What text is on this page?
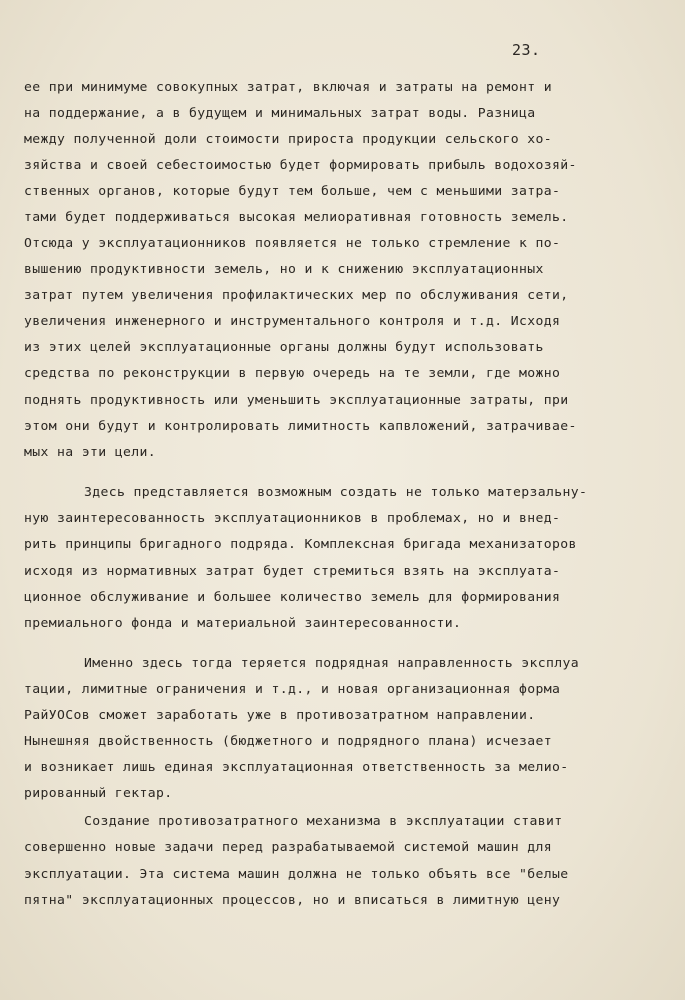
23.
ее при минимуме совокупных затрат, включая и затраты на ремонт и
на поддержание, а в будущем и минимальных затрат воды. Разница
между полученной доли стоимости прироста продукции сельского хо-
зяйства и своей себестоимостью будет формировать прибыль водохозяй-
ственных органов, которые будут тем больше, чем с меньшими затра-
тами будет поддерживаться высокая мелиоративная готовность земель.
Отсюда у эксплуатационников появляется не только стремление к по-
вышению продуктивности земель, но и к снижению эксплуатационных
затрат путем увеличения профилактических мер по обслуживания сети,
увеличения инженерного и инструментального контроля и т.д. Исходя
из этих целей эксплуатационные органы должны будут использовать
средства по реконструкции в первую очередь на те земли, где можно
поднять продуктивность или уменьшить эксплуатационные затраты, при
этом они будут и контролировать лимитность капвложений, затрачивае-
мых на эти цели.
Здесь представляется возможным создать не только матерзальну-
ную заинтересованность эксплуатационников в проблемах, но и внед-
рить принципы бригадного подряда. Комплексная бригада механизаторов
исходя из нормативных затрат будет стремиться взять на эксплуата-
ционное обслуживание и большее количество земель для формирования
премиального фонда и материальной заинтересованности.
Именно здесь тогда теряется подрядная направленность эксплуа
тации, лимитные ограничения и т.д., и новая организационная форма
РайУОСов сможет заработать уже в противозатратном направлении.
Нынешняя двойственность (бюджетного и подрядного плана) исчезает
и возникает лишь единая эксплуатационная ответственность за мелио-
рированный гектар.
Создание противозатратного механизма в эксплуатации ставит
совершенно новые задачи перед разрабатываемой системой машин для
эксплуатации. Эта система машин должна не только объять все "белые
пятна" эксплуатационных процессов, но и вписаться в лимитную цену
